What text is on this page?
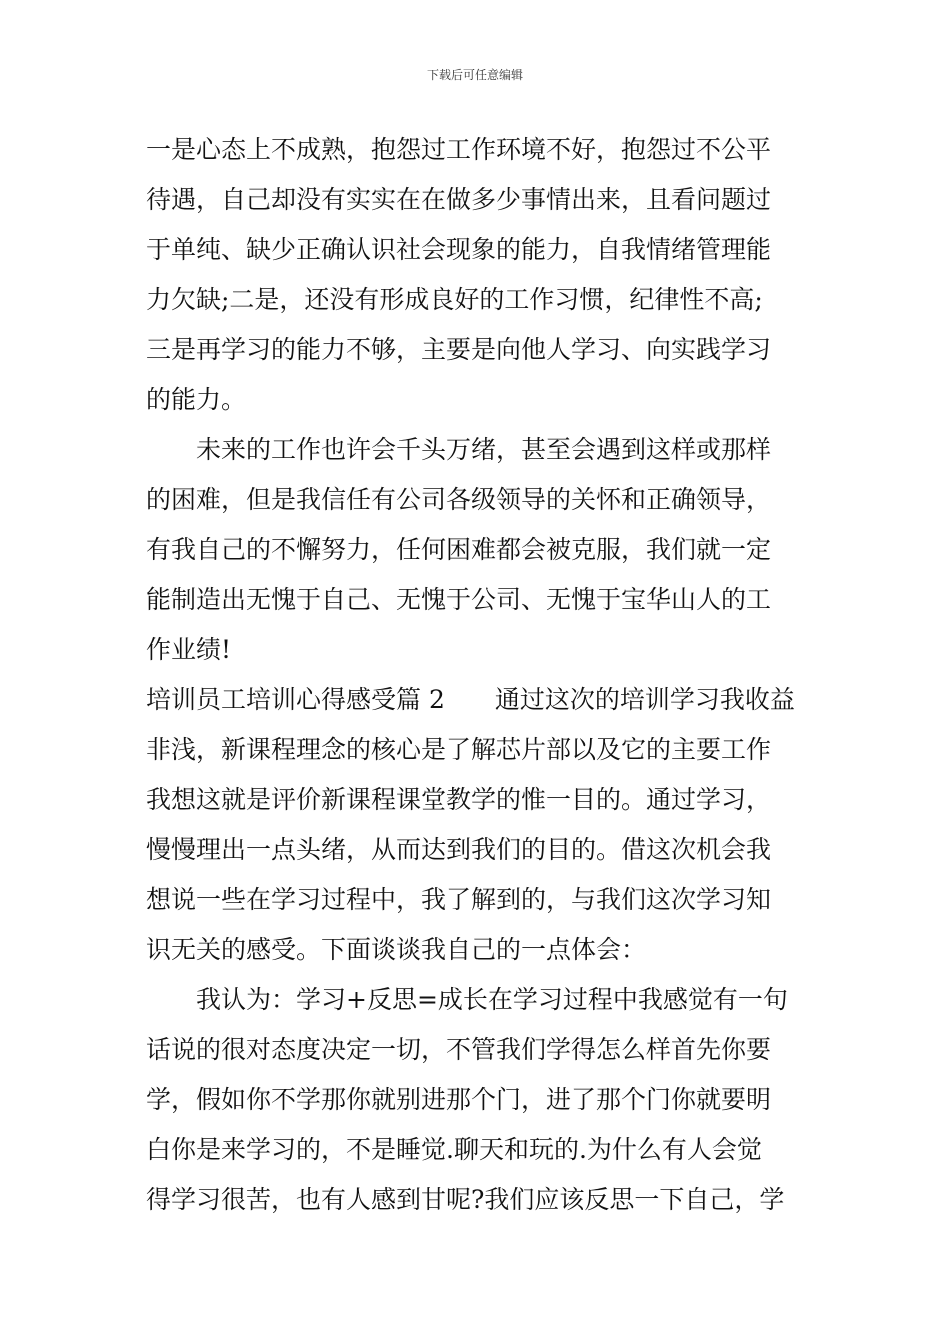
下载后可任意编辑
一是心态上不成熟，抱怨过工作环境不好，抱怨过不公平
待遇，自己却没有实实在在做多少事情出来，且看问题过
于单纯、缺少正确认识社会现象的能力，自我情绪管理能
力欠缺;二是，还没有形成良好的工作习惯，纪律性不高;
三是再学习的能力不够，主要是向他人学习、向实践学习
的能力。
未来的工作也许会千头万绪，甚至会遇到这样或那样
的困难，但是我信任有公司各级领导的关怀和正确领导，
有我自己的不懈努力，任何困难都会被克服，我们就一定
能制造出无愧于自己、无愧于公司、无愧于宝华山人的工
作业绩!
培训员工培训心得感受篇 2 通过这次的培训学习我收益
非浅，新课程理念的核心是了解芯片部以及它的主要工作
我想这就是评价新课程课堂教学的惟一目的。通过学习，
慢慢理出一点头绪，从而达到我们的目的。借这次机会我
想说一些在学习过程中，我了解到的，与我们这次学习知
识无关的感受。下面谈谈我自己的一点体会：
我认为：学习+反思=成长在学习过程中我感觉有一句
话说的很对态度决定一切，不管我们学得怎么样首先你要
学，假如你不学那你就别进那个门，进了那个门你就要明
白你是来学习的，不是睡觉.聊天和玩的.为什么有人会觉
得学习很苦，也有人感到甘呢?我们应该反思一下自己，学
